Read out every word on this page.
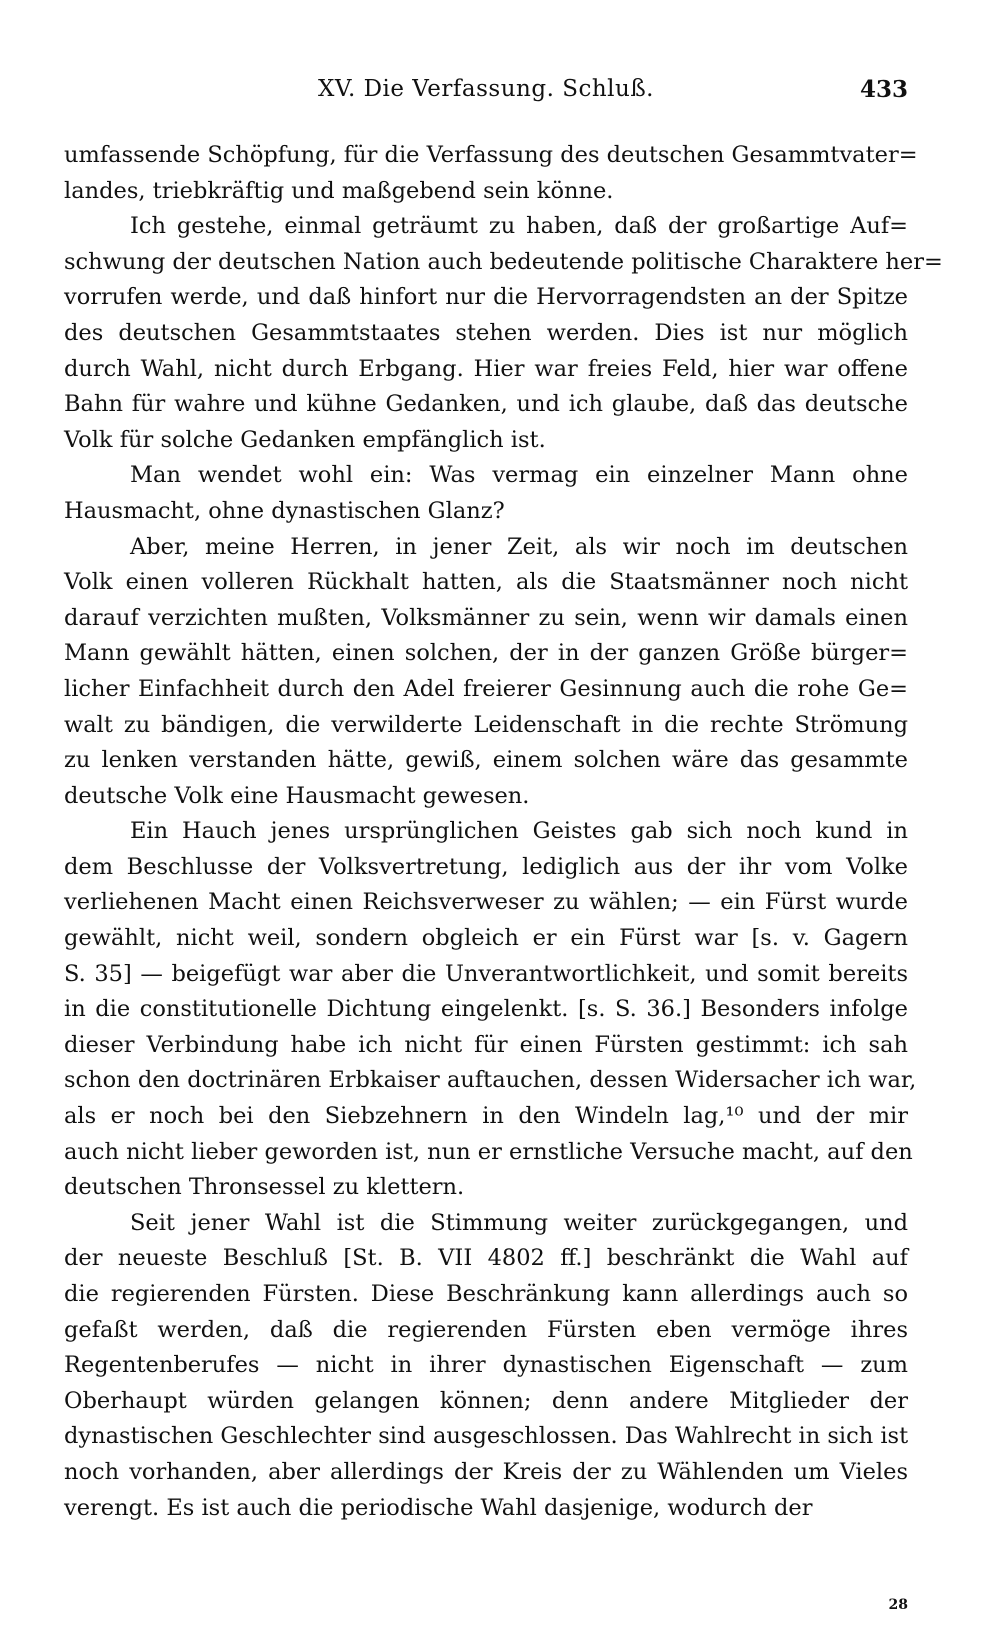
XV. Die Verfassung. Schluß.	433
umfassende Schöpfung, für die Verfassung des deutschen Gesammtvater=
landes, triebkräftig und maßgebend sein könne.
Ich gestehe, einmal geträumt zu haben, daß der großartige Auf=
schwung der deutschen Nation auch bedeutende politische Charaktere her=
vorrufen werde, und daß hinfort nur die Hervorragendsten an der Spitze
des deutschen Gesammtstaates stehen werden. Dies ist nur möglich
durch Wahl, nicht durch Erbgang. Hier war freies Feld, hier war offene
Bahn für wahre und kühne Gedanken, und ich glaube, daß das deutsche
Volk für solche Gedanken empfänglich ist.
Man wendet wohl ein: Was vermag ein einzelner Mann ohne
Hausmacht, ohne dynastischen Glanz?
Aber, meine Herren, in jener Zeit, als wir noch im deutschen
Volk einen volleren Rückhalt hatten, als die Staatsmänner noch nicht
darauf verzichten mußten, Volksmänner zu sein, wenn wir damals einen
Mann gewählt hätten, einen solchen, der in der ganzen Größe bürger=
licher Einfachheit durch den Adel freierer Gesinnung auch die rohe Ge=
walt zu bändigen, die verwilderte Leidenschaft in die rechte Strömung
zu lenken verstanden hätte, gewiß, einem solchen wäre das gesammte
deutsche Volk eine Hausmacht gewesen.
Ein Hauch jenes ursprünglichen Geistes gab sich noch kund in
dem Beschlusse der Volksvertretung, lediglich aus der ihr vom Volke
verliehenen Macht einen Reichsverweser zu wählen; — ein Fürst wurde
gewählt, nicht weil, sondern obgleich er ein Fürst war [s. v. Gagern
S. 35] — beigefügt war aber die Unverantwortlichkeit, und somit bereits
in die constitutionelle Dichtung eingelenkt. [s. S. 36.] Besonders infolge
dieser Verbindung habe ich nicht für einen Fürsten gestimmt: ich sah
schon den doctrinären Erbkaiser auftauchen, dessen Widersacher ich war,
als er noch bei den Siebzehnern in den Windeln lag,¹⁰ und der mir
auch nicht lieber geworden ist, nun er ernstliche Versuche macht, auf den
deutschen Thronsessel zu klettern.
Seit jener Wahl ist die Stimmung weiter zurückgegangen, und
der neueste Beschluß [St. B. VII 4802 ff.] beschränkt die Wahl auf
die regierenden Fürsten. Diese Beschränkung kann allerdings auch so
gefaßt werden, daß die regierenden Fürsten eben vermöge ihres
Regentenberufes — nicht in ihrer dynastischen Eigenschaft — zum
Oberhaupt würden gelangen können; denn andere Mitglieder der
dynastischen Geschlechter sind ausgeschlossen. Das Wahlrecht in sich ist
noch vorhanden, aber allerdings der Kreis der zu Wählenden um Vieles
verengt. Es ist auch die periodische Wahl dasjenige, wodurch der
28
